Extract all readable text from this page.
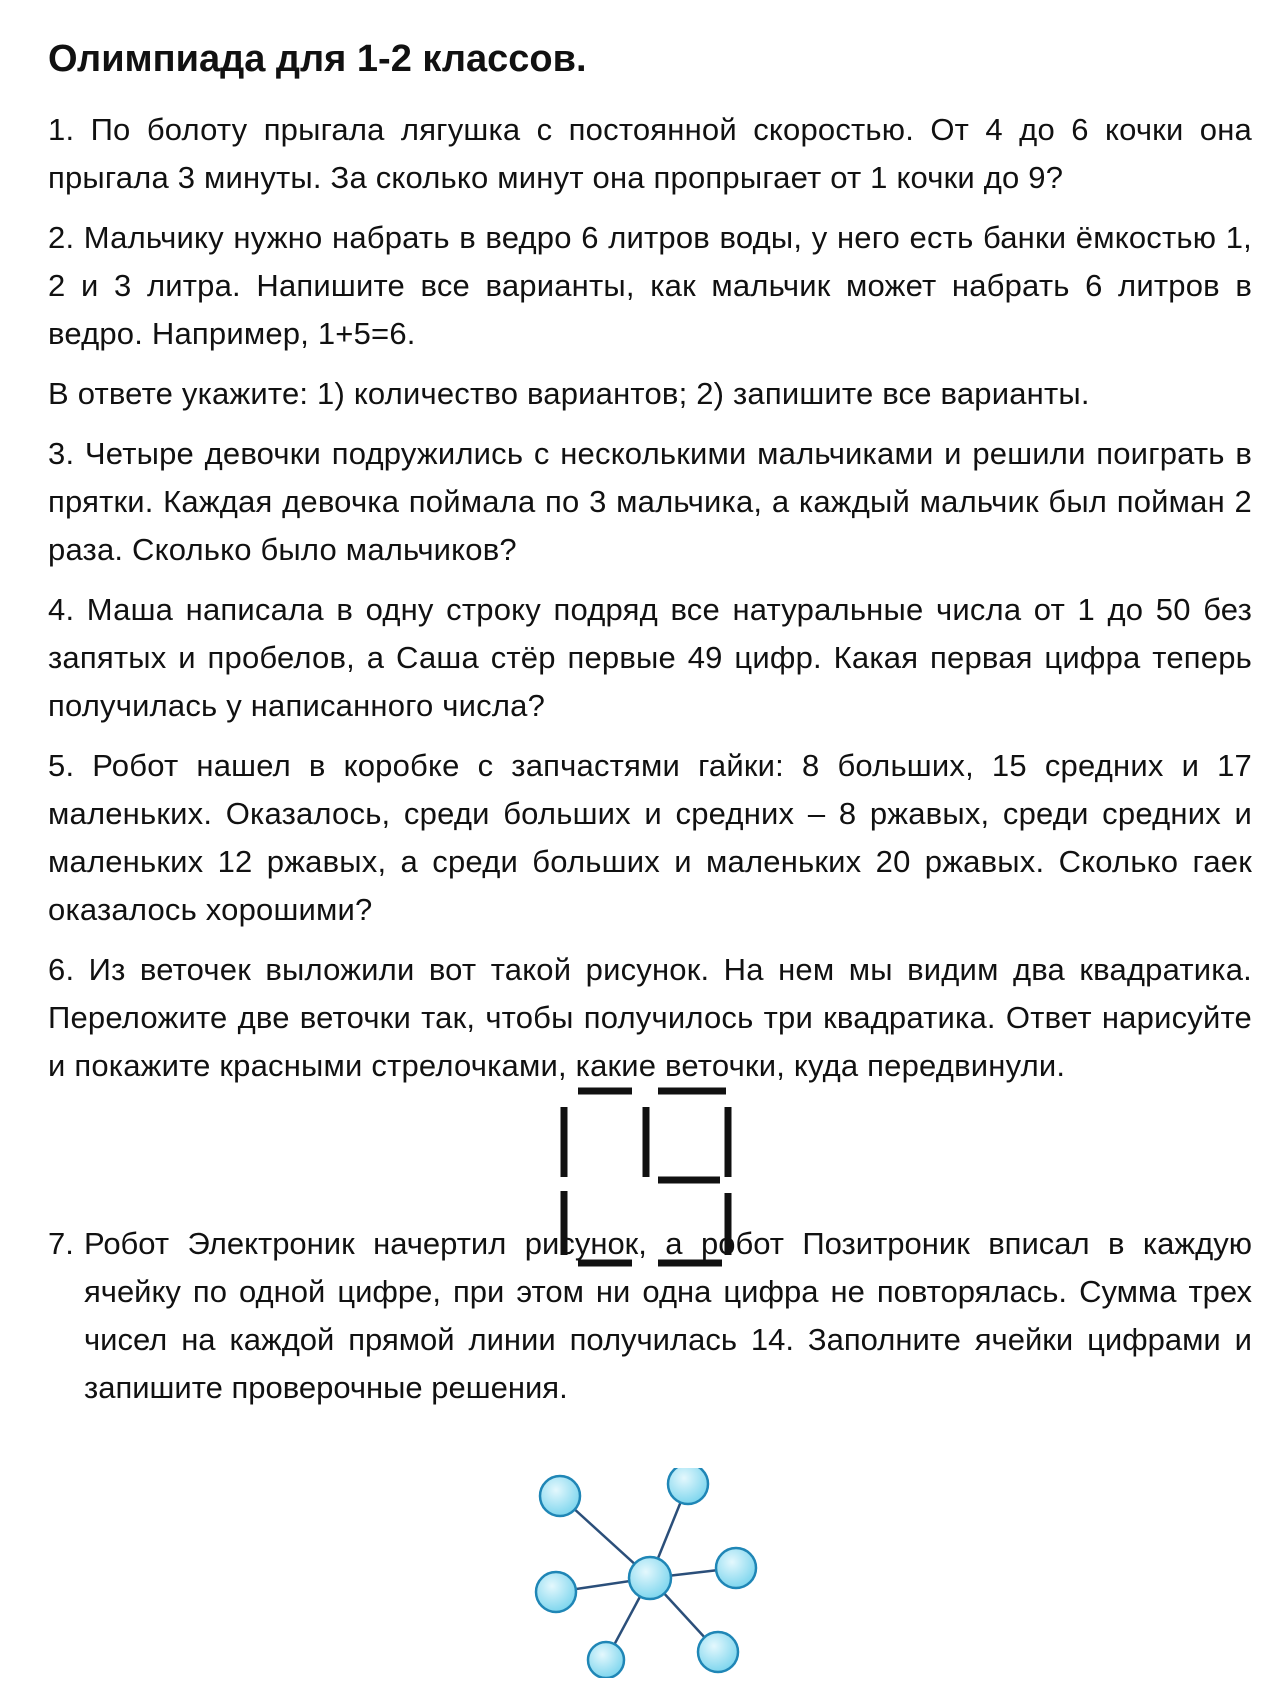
Олимпиада для 1-2 классов.

1. По болоту прыгала лягушка с постоянной скоростью. От 4 до 6 кочки она прыгала 3 минуты. За сколько минут она пропрыгает от 1 кочки до 9?

2. Мальчику нужно набрать в ведро 6 литров воды, у него есть банки ёмкостью 1, 2 и 3 литра. Напишите все варианты, как мальчик может набрать 6 литров в ведро. Например, 1+5=6.

В ответе укажите: 1) количество вариантов; 2) запишите все варианты.

3. Четыре девочки подружились с несколькими мальчиками и решили поиграть в прятки. Каждая девочка поймала по 3 мальчика, а каждый мальчик был пойман 2 раза. Сколько было мальчиков?

4. Маша написала в одну строку подряд все натуральные числа от 1 до 50 без запятых и пробелов, а Саша стёр первые 49 цифр. Какая первая цифра теперь получилась у написанного числа?

5. Робот нашел в коробке с запчастями гайки: 8 больших, 15 средних и 17 маленьких. Оказалось, среди больших и средних – 8 ржавых, среди средних и маленьких 12 ржавых, а среди больших и маленьких 20 ржавых. Сколько гаек оказалось хорошими?

6. Из веточек выложили вот такой рисунок. На нем мы видим два квадратика. Переложите две веточки так, чтобы получилось три квадратика. Ответ нарисуйте и покажите красными стрелочками, какие веточки, куда передвинули.

7. Робот Электроник начертил рисунок, а робот Позитроник вписал в каждую ячейку по одной цифре, при этом ни одна цифра не повторялась. Сумма трех чисел на каждой прямой линии получилась 14. Заполните ячейки цифрами и запишите проверочные решения.
